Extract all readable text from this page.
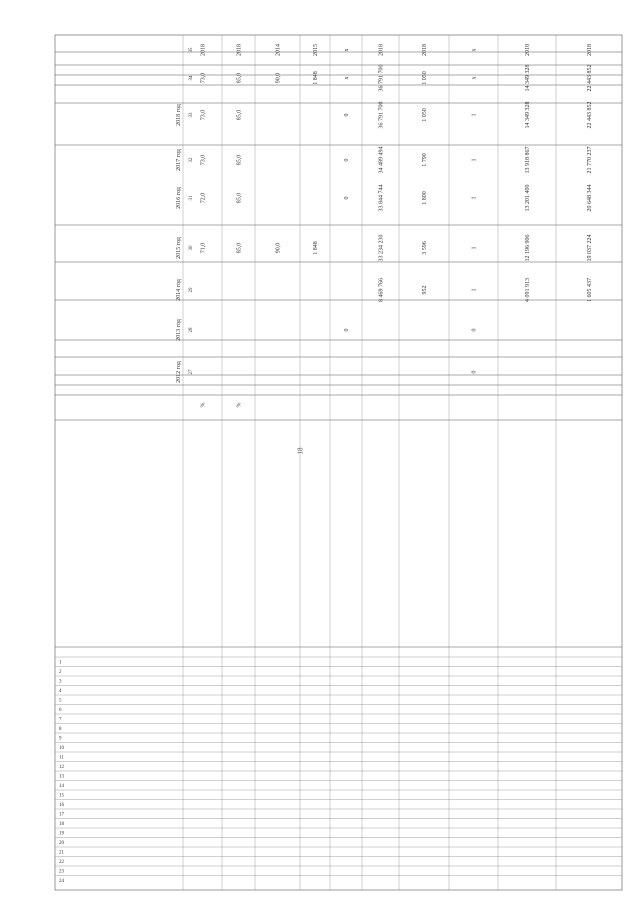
18
1
2
3
4
5
6
7
8
9
10
11
12
13
14
15
16
17
18
19
20
21
22
23
24
2012 год 27
2013 год 28
2014 год 29
2015 год 30
2016 год 31
2017 год 32
2018 год 33
34
35
71,0
72,0
73,0
73,0
73,0
2018
%
85,0
85,0
85,0
85,0
85,0
2018
%
90,0
90,0
2014
1 848
1 848
2015
0
0
0
0
x
x
8 469 766
33 234 230
33 844 744
34 489 494
36 791 700
36 791 700
2018
952
3 596
1 800
1 790
1 050
1 050
2018
0
0
1
1
1
1
1
x
x
4 091 913
12 196 906
13 201 400
13 918 867
14 349 328
14 349 328
2018
1 605 437
19 037 224
20 648 344
21 770 237
22 443 852
22 443 852
2018
